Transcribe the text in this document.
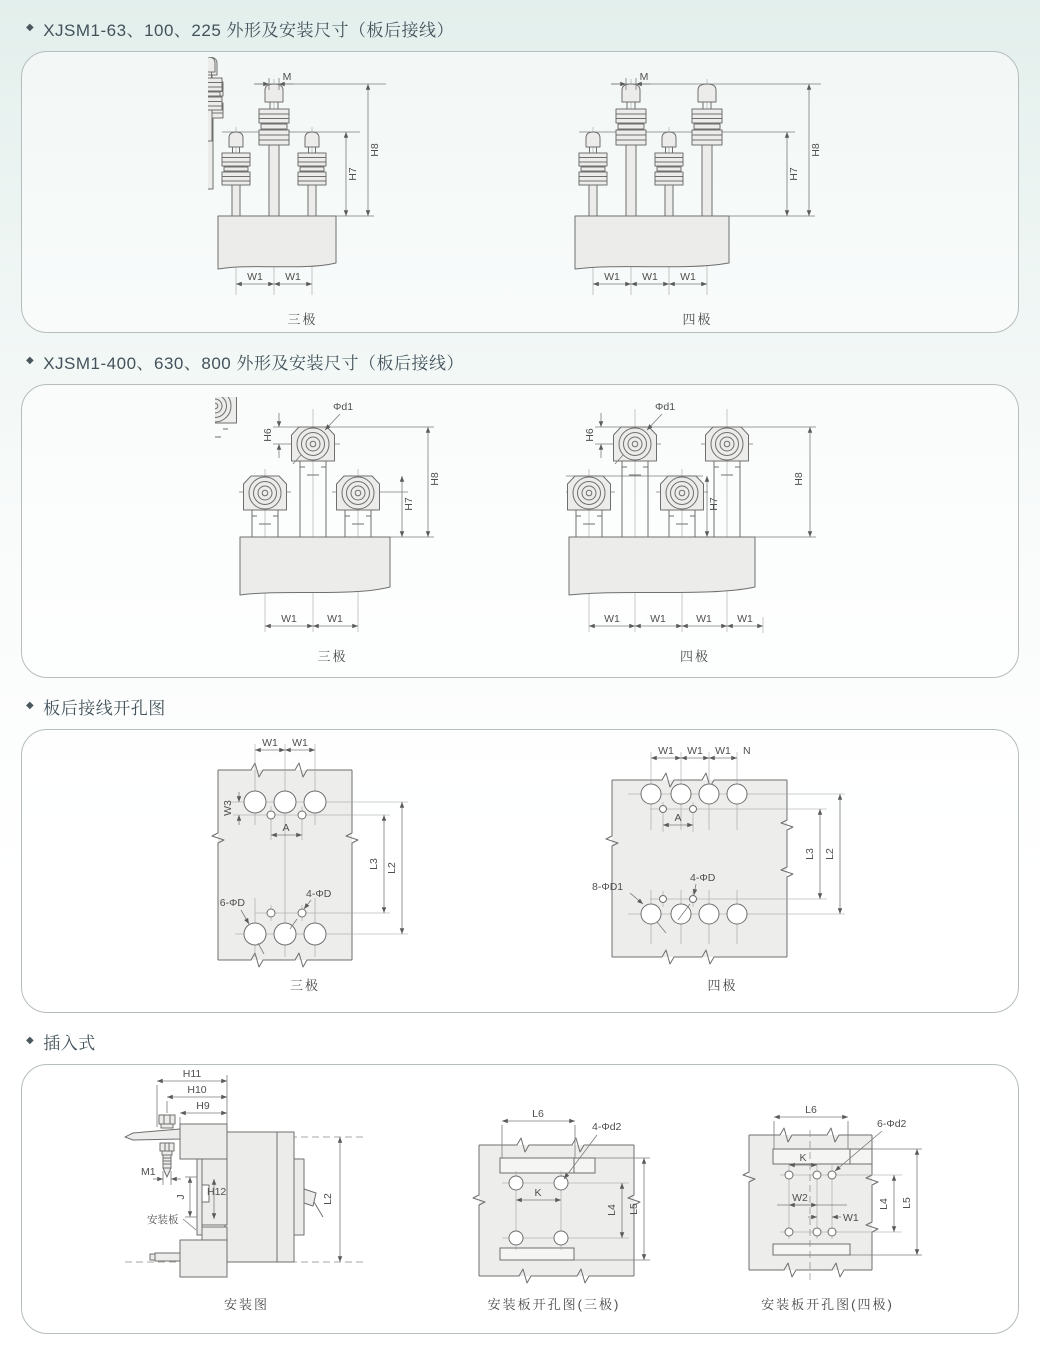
◆ XJSM1-63、100、225 外形及安装尺寸（板后接线）
M
H8
H7
W1 W1
三极
M
H8
H7
W1 W1 W1
四极
◆ XJSM1-400、630、800 外形及安装尺寸（板后接线）
H6
Φd1
H8
H7
W1	W1
三极
H6
Φd1
H8
H7
W1	W1	W1 W1
四极
◆ 板后接线开孔图
W1 W1
W3
A
L3 L2
6-ΦD
4-ΦD
三极
W1 W1 W1 N
A
L3 L2
8-ΦD1
4-ΦD
四极
◆ 插入式
H11
H10
H9
M1
J H12
安装板
L2
安装图
L6
4-Φd2
K
L4 L5
安装板开孔图(三极)
L6
6-Φd2
K
W2
W1
L4 L5
安装板开孔图(四极)
